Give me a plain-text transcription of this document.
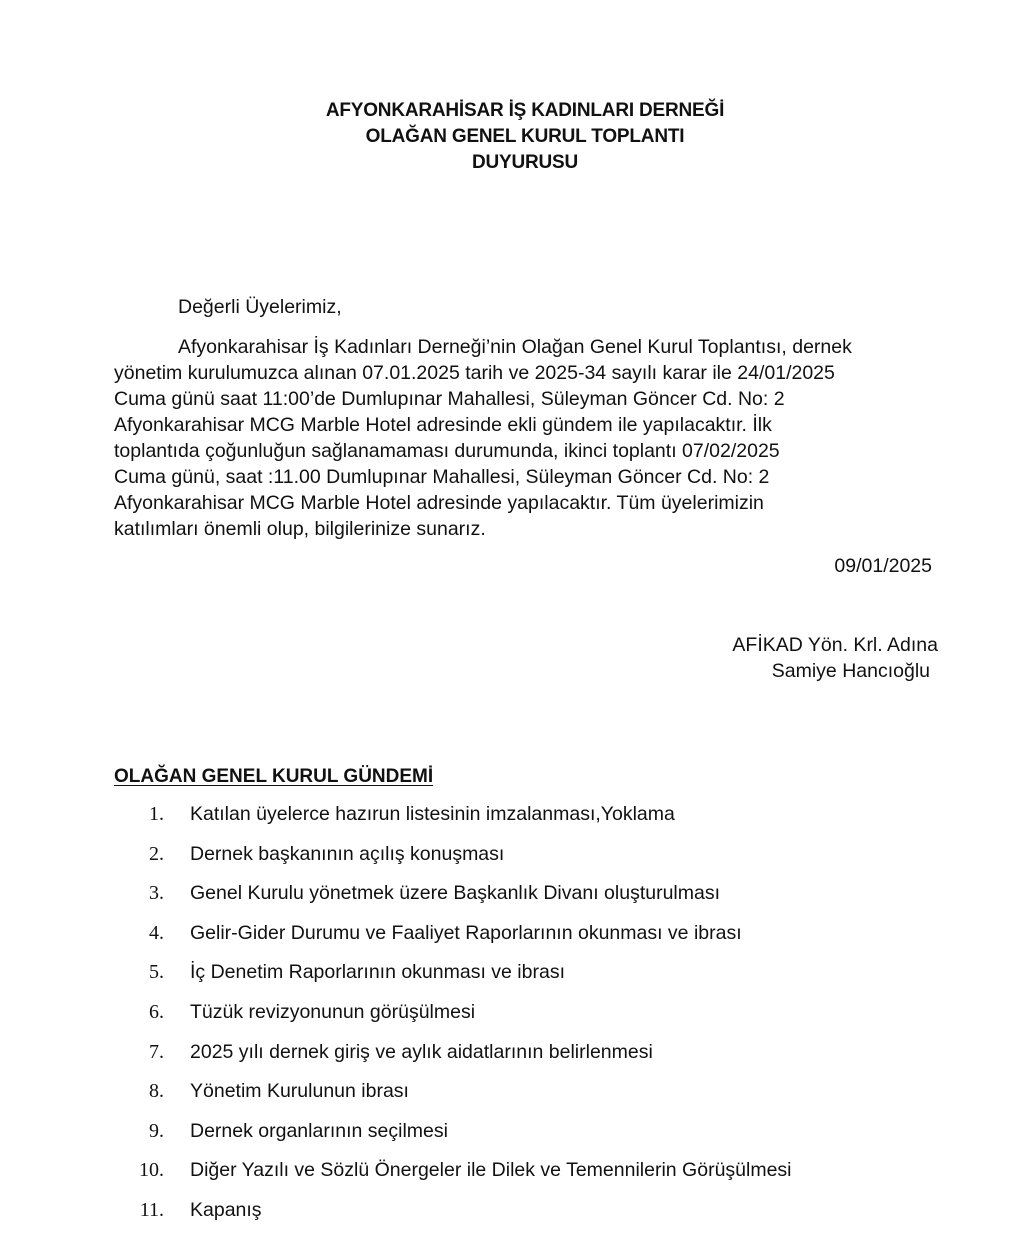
AFYONKARAHİSAR İŞ KADINLARI DERNEĞİ
OLAĞAN GENEL KURUL TOPLANTI
DUYURUSU
Değerli Üyelerimiz,
Afyonkarahisar İş Kadınları Derneği’nin Olağan Genel Kurul Toplantısı, dernek
yönetim kurulumuzca alınan 07.01.2025 tarih ve 2025-34 sayılı karar ile 24/01/2025
Cuma günü saat 11:00’de Dumlupınar Mahallesi, Süleyman Göncer Cd. No: 2
Afyonkarahisar MCG Marble Hotel adresinde ekli gündem ile yapılacaktır. İlk
toplantıda çoğunluğun sağlanamaması durumunda, ikinci toplantı 07/02/2025
Cuma günü, saat :11.00 Dumlupınar Mahallesi, Süleyman Göncer Cd. No: 2
Afyonkarahisar MCG Marble Hotel adresinde yapılacaktır. Tüm üyelerimizin
katılımları önemli olup, bilgilerinize sunarız.
09/01/2025
AFİKAD Yön. Krl. Adına
Samiye Hancıoğlu
OLAĞAN GENEL KURUL GÜNDEMİ
1. Katılan üyelerce hazırun listesinin imzalanması,Yoklama
2. Dernek başkanının açılış konuşması
3. Genel Kurulu yönetmek üzere Başkanlık Divanı oluşturulması
4. Gelir-Gider Durumu ve Faaliyet Raporlarının okunması ve ibrası
5. İç Denetim Raporlarının okunması ve ibrası
6. Tüzük revizyonunun görüşülmesi
7. 2025 yılı dernek giriş ve aylık aidatlarının belirlenmesi
8. Yönetim Kurulunun ibrası
9. Dernek organlarının seçilmesi
10. Diğer Yazılı ve Sözlü Önergeler ile Dilek ve Temennilerin Görüşülmesi
11. Kapanış
